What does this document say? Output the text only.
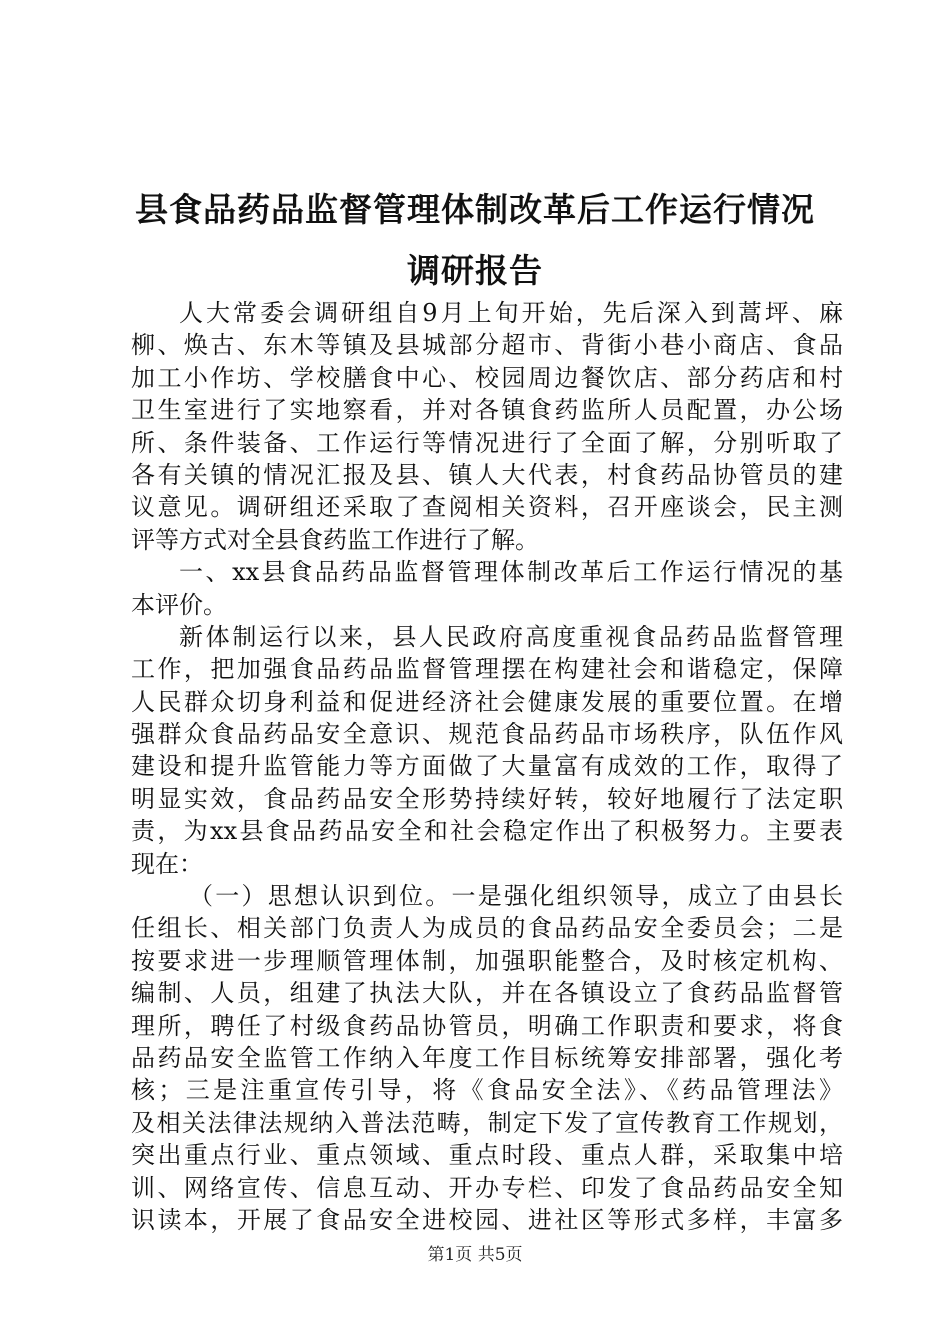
县食品药品监督管理体制改革后工作运行情况
调研报告
人大常委会调研组自9月上旬开始，先后深入到蒿坪、麻
柳、焕古、东木等镇及县城部分超市、背街小巷小商店、食品
加工小作坊、学校膳食中心、校园周边餐饮店、部分药店和村
卫生室进行了实地察看，并对各镇食药监所人员配置，办公场
所、条件装备、工作运行等情况进行了全面了解，分别听取了
各有关镇的情况汇报及县、镇人大代表，村食药品协管员的建
议意见。调研组还采取了查阅相关资料，召开座谈会，民主测
评等方式对全县食药监工作进行了解。
一、xx县食品药品监督管理体制改革后工作运行情况的基
本评价。
新体制运行以来，县人民政府高度重视食品药品监督管理
工作，把加强食品药品监督管理摆在构建社会和谐稳定，保障
人民群众切身利益和促进经济社会健康发展的重要位置。在增
强群众食品药品安全意识、规范食品药品市场秩序，队伍作风
建设和提升监管能力等方面做了大量富有成效的工作，取得了
明显实效，食品药品安全形势持续好转，较好地履行了法定职
责，为xx县食品药品安全和社会稳定作出了积极努力。主要表
现在：
（一）思想认识到位。一是强化组织领导，成立了由县长
任组长、相关部门负责人为成员的食品药品安全委员会；二是
按要求进一步理顺管理体制，加强职能整合，及时核定机构、
编制、人员，组建了执法大队，并在各镇设立了食药品监督管
理所，聘任了村级食药品协管员，明确工作职责和要求，将食
品药品安全监管工作纳入年度工作目标统筹安排部署，强化考
核；三是注重宣传引导，将《食品安全法》、《药品管理法》
及相关法律法规纳入普法范畴，制定下发了宣传教育工作规划，
突出重点行业、重点领域、重点时段、重点人群，采取集中培
训、网络宣传、信息互动、开办专栏、印发了食品药品安全知
识读本，开展了食品安全进校园、进社区等形式多样，丰富多
第1页 共5页
